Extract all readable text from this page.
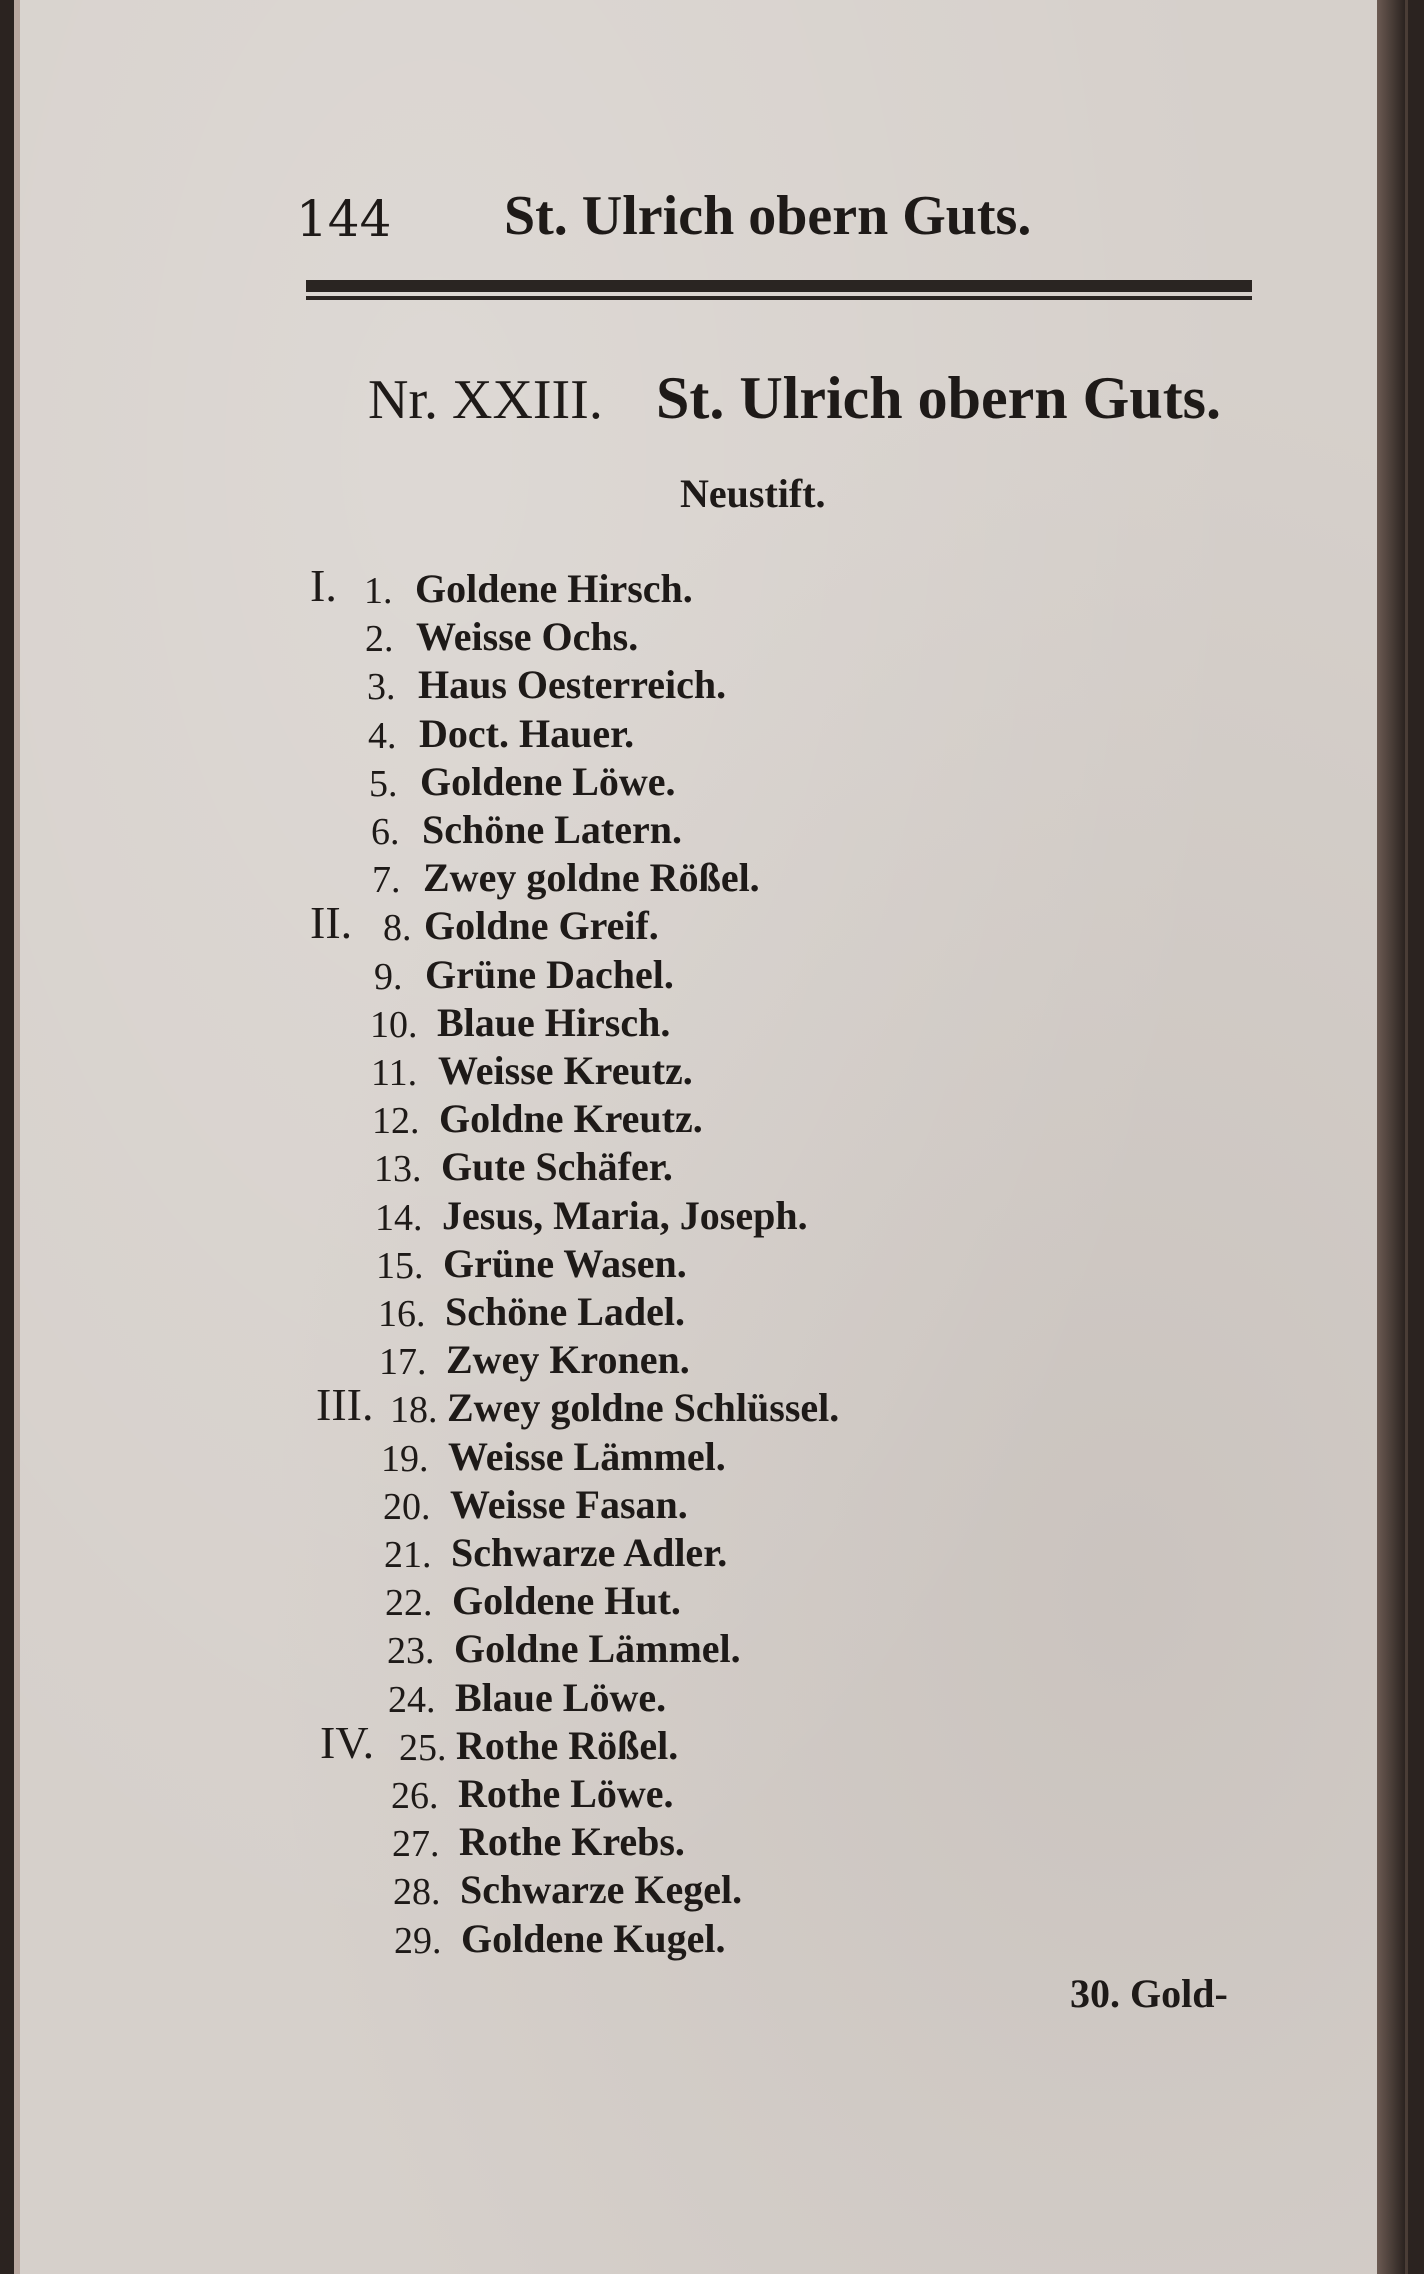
144 St. Ulrich obern Guts.
Nr. XXIII. St. Ulrich obern Guts.
Neustift.
I. 1. Goldene Hirsch.
2. Weisse Ochs.
3. Haus Oesterreich.
4. Doct. Hauer.
5. Goldene Löwe.
6. Schöne Latern.
7. Zwey goldne Rößel.
II. 8. Goldne Greif.
9. Grüne Dachel.
10. Blaue Hirsch.
11. Weisse Kreutz.
12. Goldne Kreutz.
13. Gute Schäfer.
14. Jesus, Maria, Joseph.
15. Grüne Wasen.
16. Schöne Ladel.
17. Zwey Kronen.
III. 18. Zwey goldne Schlüssel.
19. Weisse Lämmel.
20. Weisse Fasan.
21. Schwarze Adler.
22. Goldene Hut.
23. Goldne Lämmel.
24. Blaue Löwe.
IV. 25. Rothe Rößel.
26. Rothe Löwe.
27. Rothe Krebs.
28. Schwarze Kegel.
29. Goldene Kugel.
30. Gold-
